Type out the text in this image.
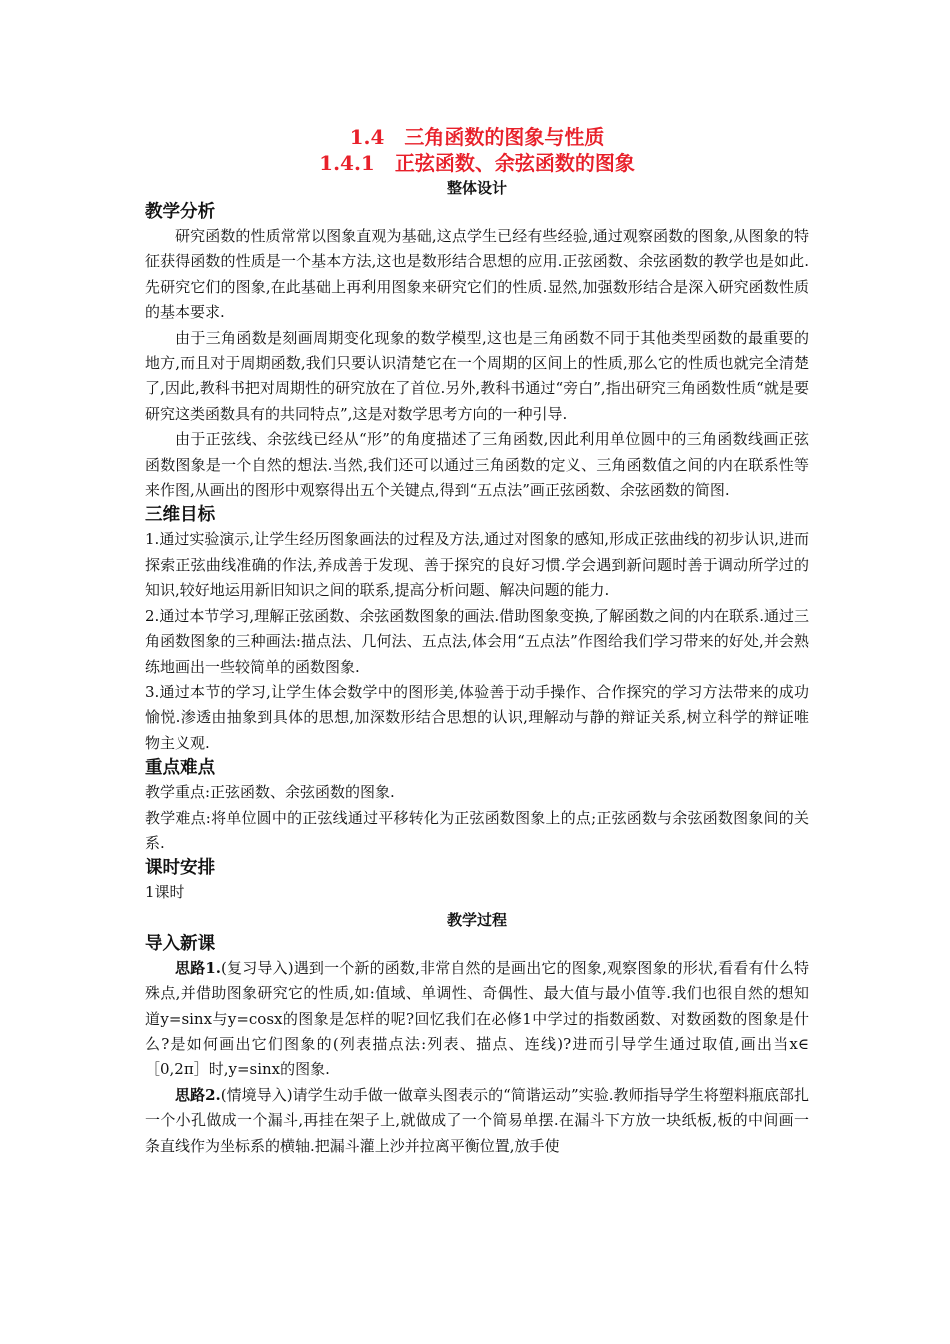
1.4　三角函数的图象与性质
1.4.1　正弦函数、余弦函数的图象
整体设计
教学分析

研究函数的性质常常以图象直观为基础,这点学生已经有些经验,通过观察函数的图象,从图象的特征获得函数的性质是一个基本方法,这也是数形结合思想的应用.正弦函数、余弦函数的教学也是如此.先研究它们的图象,在此基础上再利用图象来研究它们的性质.显然,加强数形结合是深入研究函数性质的基本要求.

由于三角函数是刻画周期变化现象的数学模型,这也是三角函数不同于其他类型函数的最重要的地方,而且对于周期函数,我们只要认识清楚它在一个周期的区间上的性质,那么它的性质也就完全清楚了,因此,教科书把对周期性的研究放在了首位.另外,教科书通过“旁白”,指出研究三角函数性质“就是要研究这类函数具有的共同特点”,这是对数学思考方向的一种引导.

由于正弦线、余弦线已经从“形”的角度描述了三角函数,因此利用单位圆中的三角函数线画正弦函数图象是一个自然的想法.当然,我们还可以通过三角函数的定义、三角函数值之间的内在联系性等来作图,从画出的图形中观察得出五个关键点,得到“五点法”画正弦函数、余弦函数的简图.

三维目标

1.通过实验演示,让学生经历图象画法的过程及方法,通过对图象的感知,形成正弦曲线的初步认识,进而探索正弦曲线准确的作法,养成善于发现、善于探究的良好习惯.学会遇到新问题时善于调动所学过的知识,较好地运用新旧知识之间的联系,提高分析问题、解决问题的能力.

2.通过本节学习,理解正弦函数、余弦函数图象的画法.借助图象变换,了解函数之间的内在联系.通过三角函数图象的三种画法:描点法、几何法、五点法,体会用“五点法”作图给我们学习带来的好处,并会熟练地画出一些较简单的函数图象.

3.通过本节的学习,让学生体会数学中的图形美,体验善于动手操作、合作探究的学习方法带来的成功愉悦.渗透由抽象到具体的思想,加深数形结合思想的认识,理解动与静的辩证关系,树立科学的辩证唯物主义观.

重点难点

教学重点:正弦函数、余弦函数的图象.

教学难点:将单位圆中的正弦线通过平移转化为正弦函数图象上的点;正弦函数与余弦函数图象间的关系.

课时安排

1课时

教学过程
导入新课

思路1.(复习导入)遇到一个新的函数,非常自然的是画出它的图象,观察图象的形状,看看有什么特殊点,并借助图象研究它的性质,如:值域、单调性、奇偶性、最大值与最小值等.我们也很自然的想知道y=sinx与y=cosx的图象是怎样的呢?回忆我们在必修1中学过的指数函数、对数函数的图象是什么?是如何画出它们图象的(列表描点法:列表、描点、连线)?进而引导学生通过取值,画出当x∈［0,2π］时,y=sinx的图象.

思路2.(情境导入)请学生动手做一做章头图表示的“简谐运动”实验.教师指导学生将塑料瓶底部扎一个小孔做成一个漏斗,再挂在架子上,就做成了一个简易单摆.在漏斗下方放一块纸板,板的中间画一条直线作为坐标系的横轴.把漏斗灌上沙并拉离平衡位置,放手使
